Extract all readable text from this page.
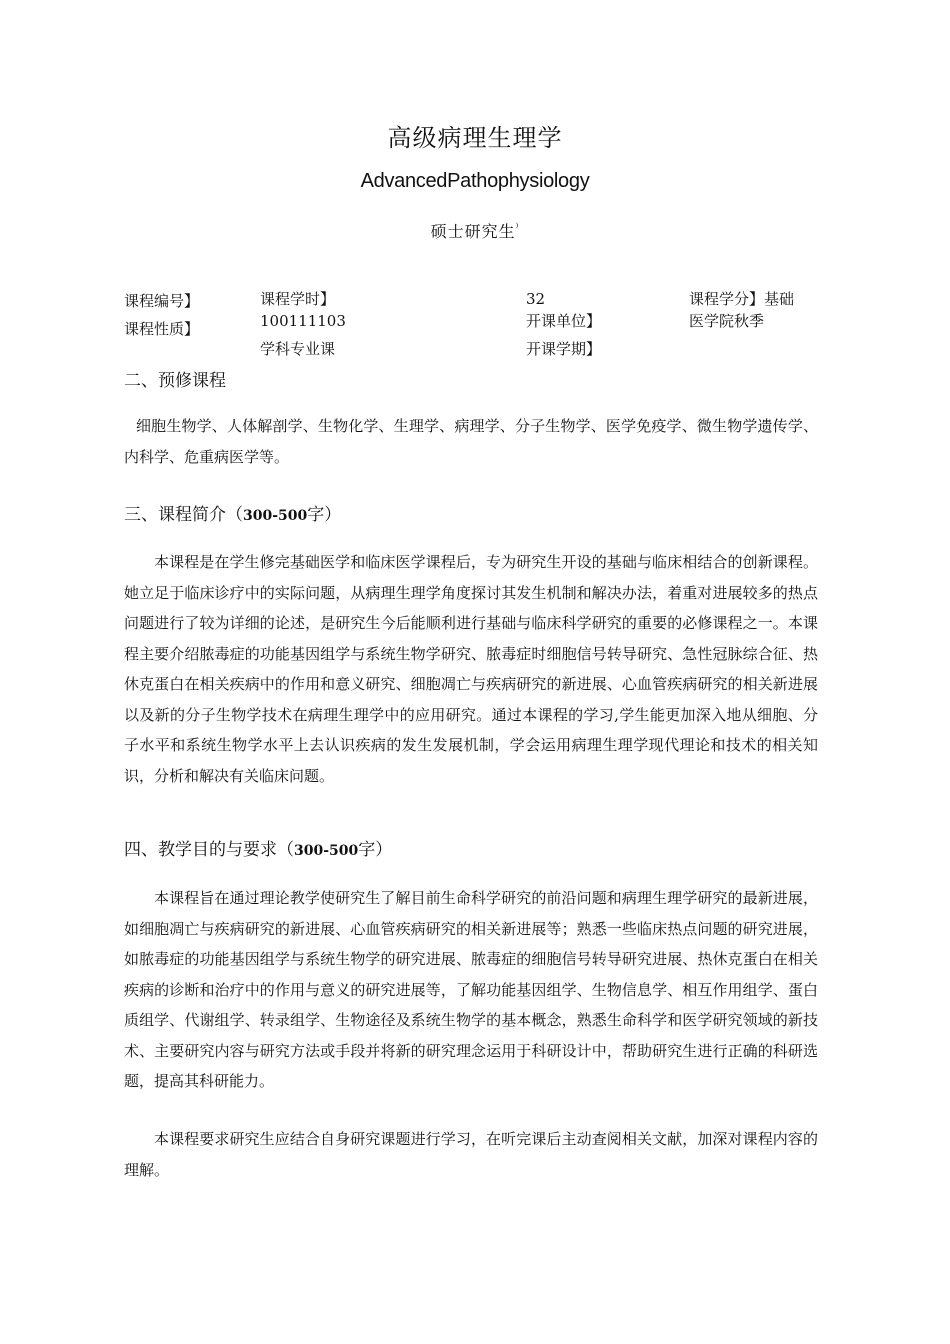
高级病理生理学
AdvancedPathophysiology
硕士研究生⁾
课程编号】
课程性质】
课程学时】
100111103
学科专业课
32
开课单位】
开课学期】
课程学分】基础
医学院秋季
二、预修课程

细胞生物学、人体解剖学、生物化学、生理学、病理学、分子生物学、医学免疫学、微生物学遗传学、内科学、危重病医学等。

三、课程简介（300-500字）

本课程是在学生修完基础医学和临床医学课程后，专为研究生开设的基础与临床相结合的创新课程。她立足于临床诊疗中的实际问题，从病理生理学角度探讨其发生机制和解决办法，着重对进展较多的热点问题进行了较为详细的论述，是研究生今后能顺利进行基础与临床科学研究的重要的必修课程之一。本课程主要介绍脓毒症的功能基因组学与系统生物学研究、脓毒症时细胞信号转导研究、急性冠脉综合征、热休克蛋白在相关疾病中的作用和意义研究、细胞凋亡与疾病研究的新进展、心血管疾病研究的相关新进展以及新的分子生物学技术在病理生理学中的应用研究。通过本课程的学习,学生能更加深入地从细胞、分子水平和系统生物学水平上去认识疾病的发生发展机制，学会运用病理生理学现代理论和技术的相关知识，分析和解决有关临床问题。

四、教学目的与要求（300-500字）

本课程旨在通过理论教学使研究生了解目前生命科学研究的前沿问题和病理生理学研究的最新进展，如细胞凋亡与疾病研究的新进展、心血管疾病研究的相关新进展等；熟悉一些临床热点问题的研究进展，如脓毒症的功能基因组学与系统生物学的研究进展、脓毒症的细胞信号转导研究进展、热休克蛋白在相关疾病的诊断和治疗中的作用与意义的研究进展等，了解功能基因组学、生物信息学、相互作用组学、蛋白质组学、代谢组学、转录组学、生物途径及系统生物学的基本概念，熟悉生命科学和医学研究领域的新技术、主要研究内容与研究方法或手段并将新的研究理念运用于科研设计中，帮助研究生进行正确的科研选题，提高其科研能力。

本课程要求研究生应结合自身研究课题进行学习，在听完课后主动查阅相关文献，加深对课程内容的理解。
